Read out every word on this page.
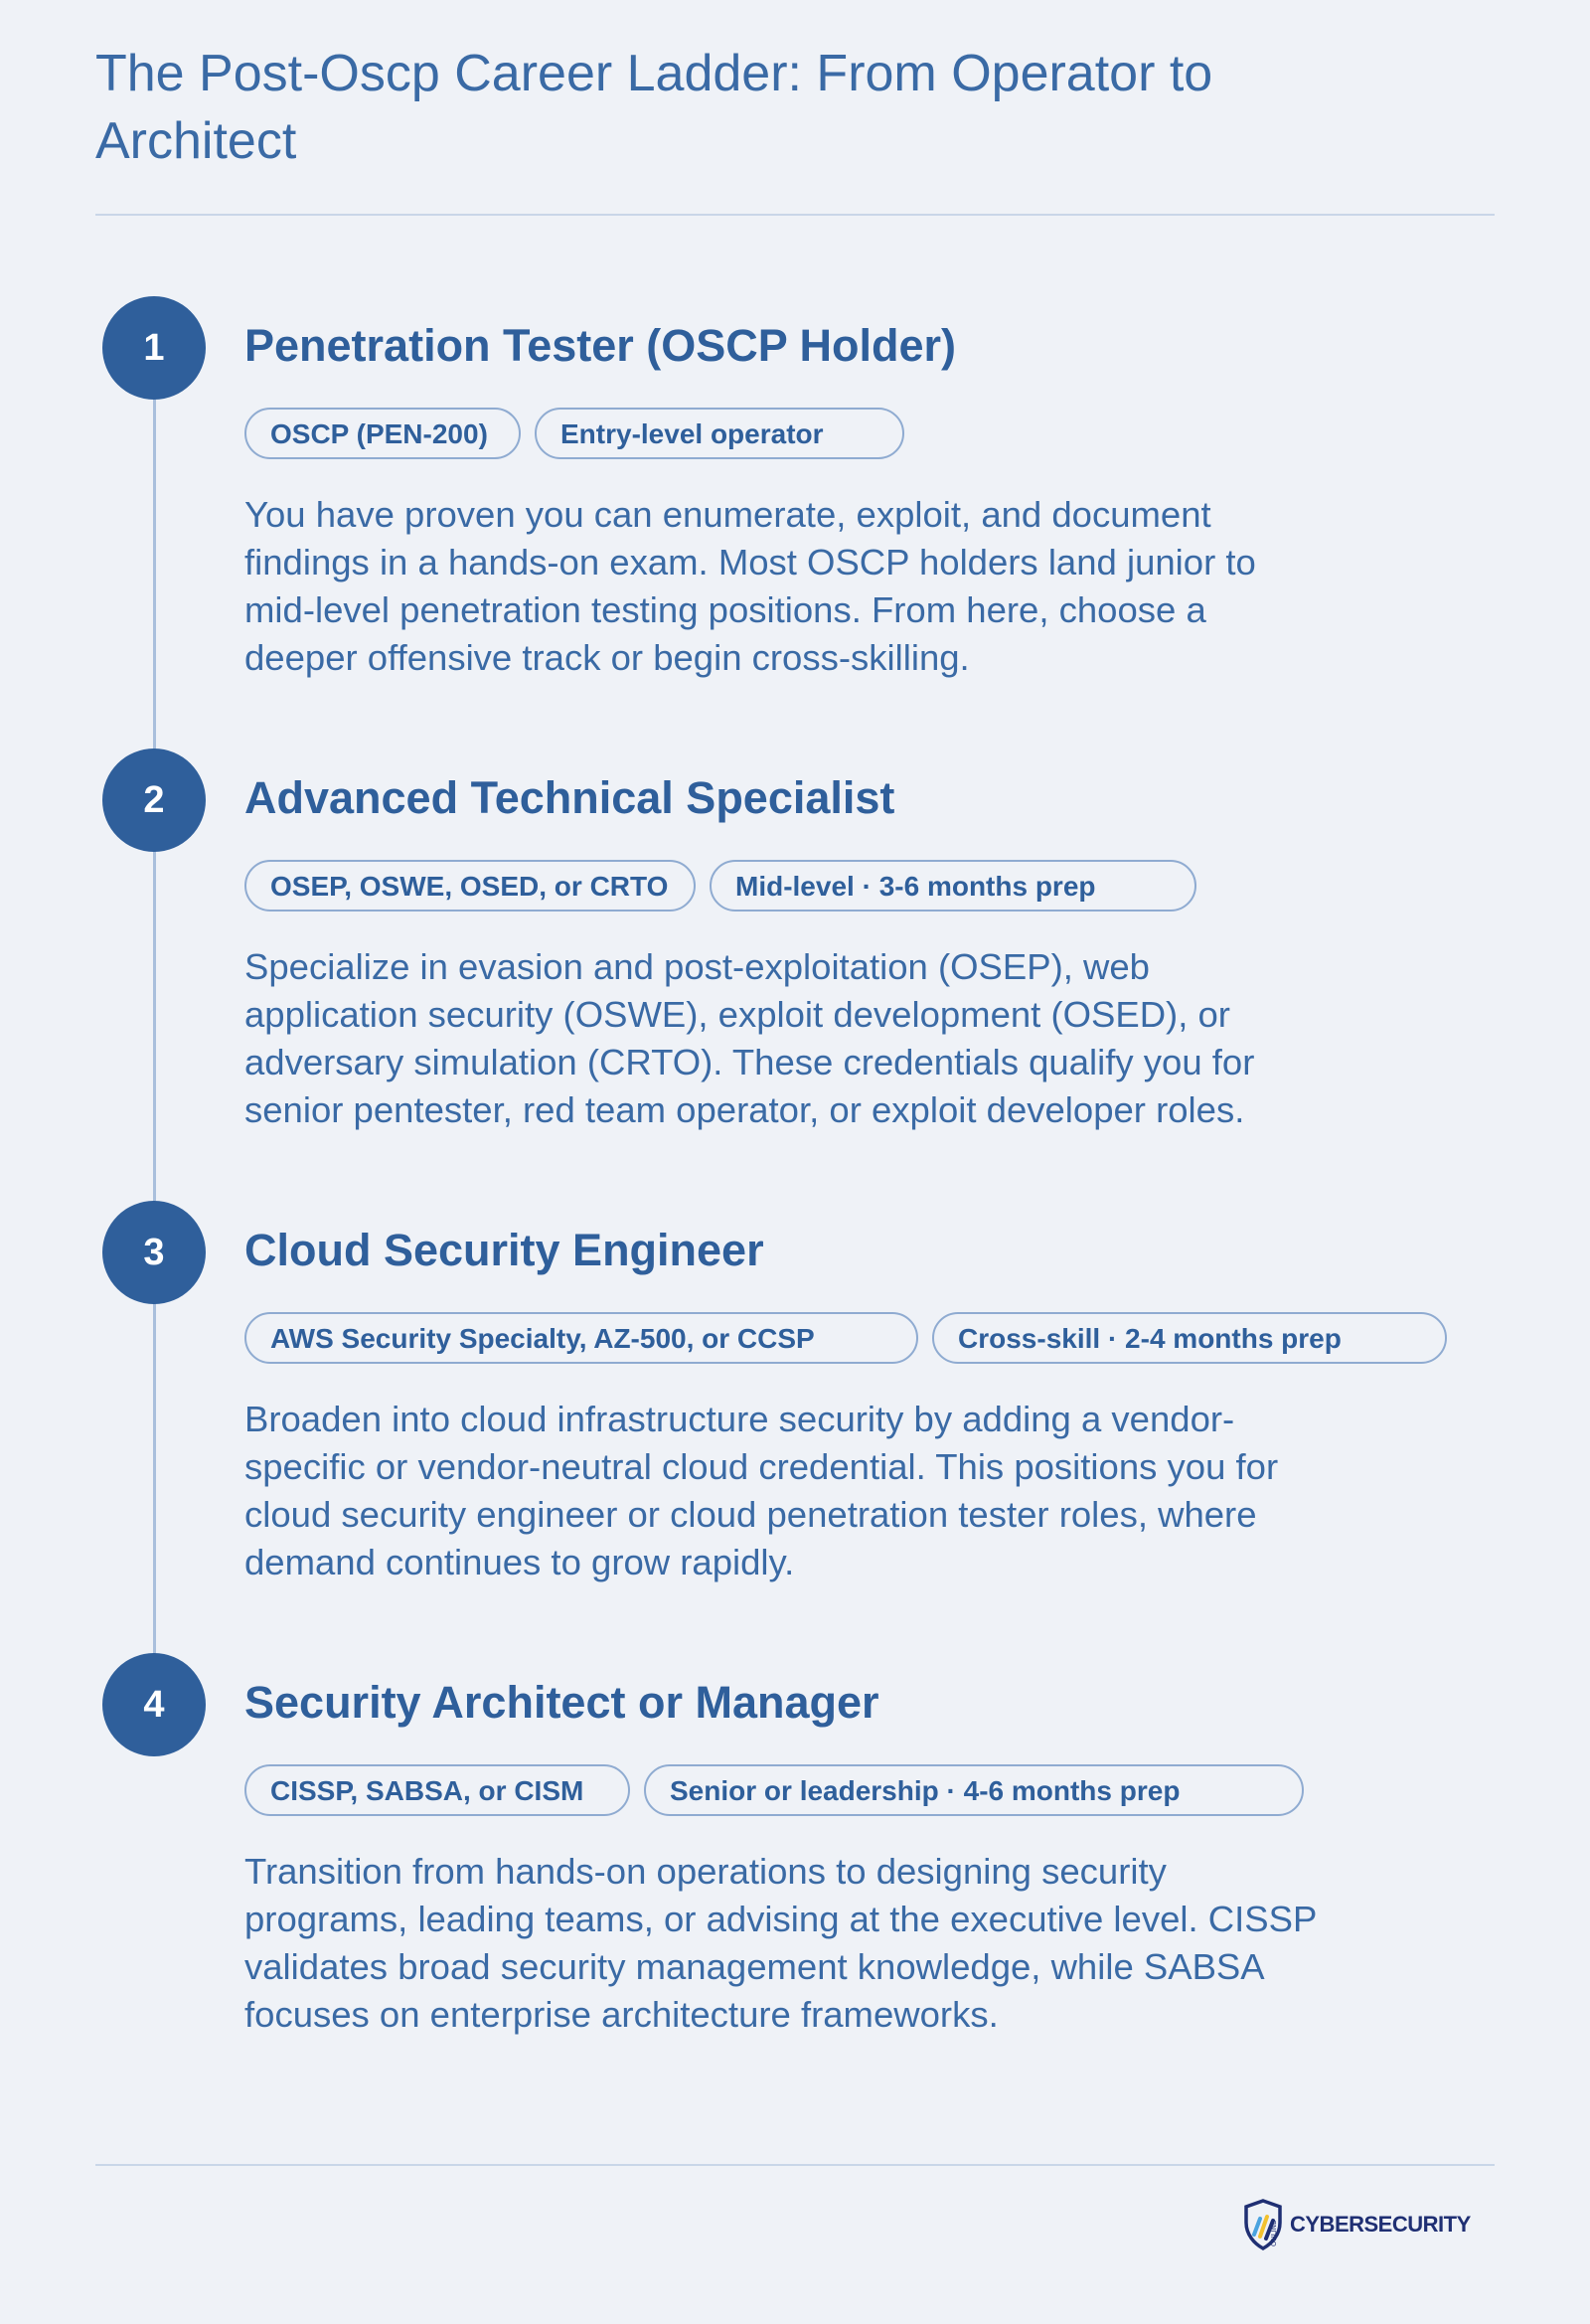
The Post-Oscp Career Ladder: From Operator to Architect
1	Penetration Tester (OSCP Holder)
OSCP (PEN-200)	Entry-level operator

You have proven you can enumerate, exploit, and document findings in a hands-on exam. Most OSCP holders land junior to mid-level penetration testing positions. From here, choose a deeper offensive track or begin cross-skilling.

2	Advanced Technical Specialist
OSEP, OSWE, OSED, or CRTO	Mid-level · 3-6 months prep

Specialize in evasion and post-exploitation (OSEP), web application security (OSWE), exploit development (OSED), or adversary simulation (CRTO). These credentials qualify you for senior pentester, red team operator, or exploit developer roles.

3	Cloud Security Engineer
AWS Security Specialty, AZ-500, or CCSP	Cross-skill · 2-4 months prep

Broaden into cloud infrastructure security by adding a vendor-specific or vendor-neutral cloud credential. This positions you for cloud security engineer or cloud penetration tester roles, where demand continues to grow rapidly.

4	Security Architect or Manager
CISSP, SABSA, or CISM	Senior or leadership · 4-6 months prep

Transition from hands-on operations to designing security programs, leading teams, or advising at the executive level. CISSP validates broad security management knowledge, while SABSA focuses on enterprise architecture frameworks.

ONLINE CYBERSECURITY
